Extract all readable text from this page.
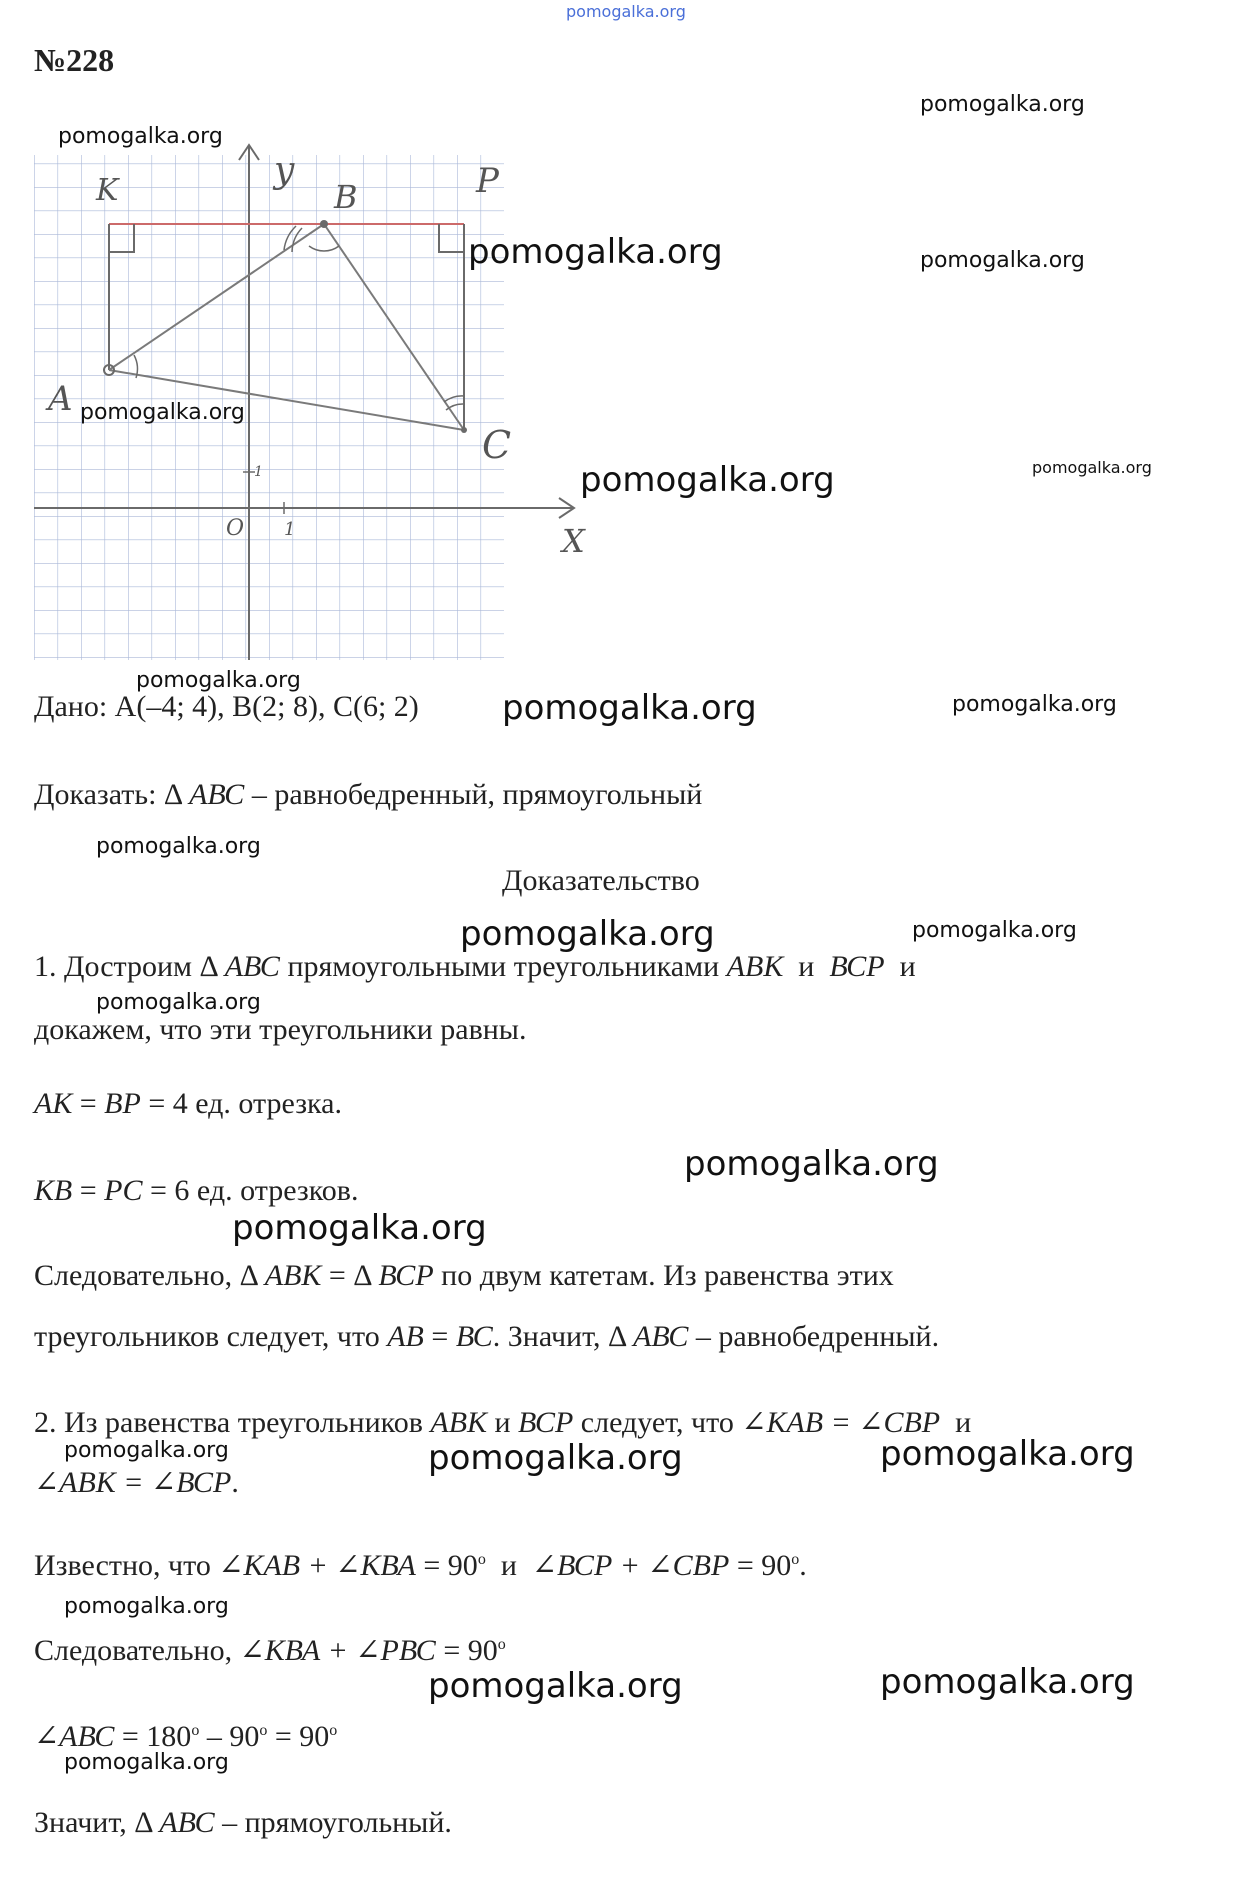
pomogalka.org
№228
y
K	B	P
A
C
X
O 1
1
Дано: А(–4; 4), В(2; 8), С(6; 2)
Доказать: Δ АВС – равнобедренный, прямоугольный
Доказательство
1. Достроим Δ АВС прямоугольными треугольниками АВК  и  ВСР  и
докажем, что эти треугольники равны.
АК = ВР = 4 ед. отрезка.
КВ = РС = 6 ед. отрезков.
Следовательно, Δ АВК = Δ ВСР по двум катетам. Из равенства этих
треугольников следует, что АВ = ВС. Значит, Δ АВС – равнобедренный.
2. Из равенства треугольников АВК и ВСР следует, что ∠КАВ = ∠СВР  и
∠АВК = ∠ВСР.
Известно, что ∠КАВ + ∠КВА = $90^о$  и  ∠ВСР + ∠СВР = $90^о$.
Следовательно, ∠КВА + ∠РВС = $90^о$
∠АВС = $180^о - 90^о = 90^о$
Значит, Δ АВС – прямоугольный.
pomogalka.org
pomogalka.org
pomogalka.org	pomogalka.org
pomogalka.org
pomogalka.org	pomogalka.org
pomogalka.org
pomogalka.org	pomogalka.org
pomogalka.org
pomogalka.org	pomogalka.org
pomogalka.org
pomogalka.org
pomogalka.org
pomogalka.org	pomogalka.org	pomogalka.org
pomogalka.org
pomogalka.org	pomogalka.org
pomogalka.org
